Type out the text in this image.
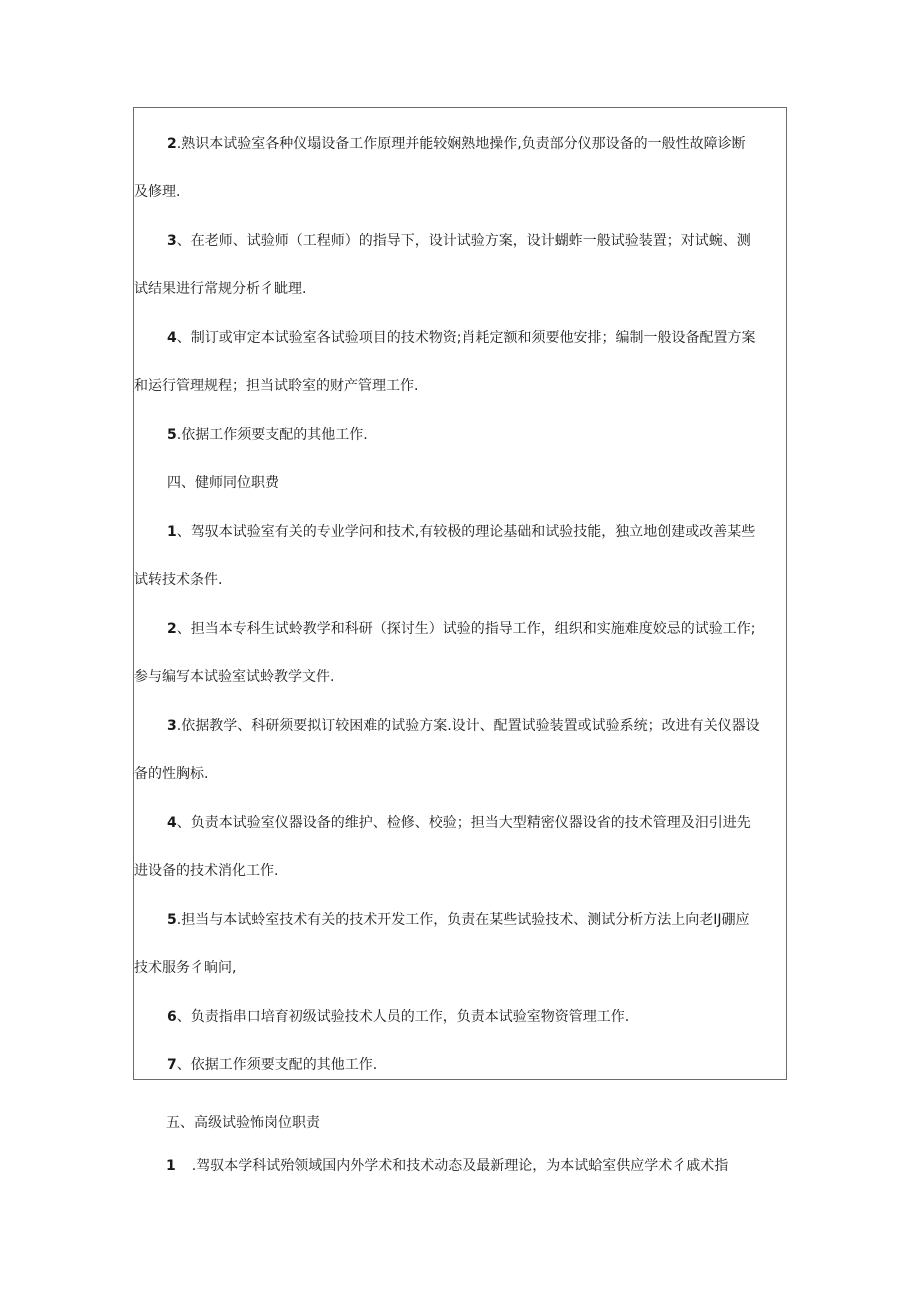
2.熟识本试验室各种仪塌设备工作原理并能较娴熟地操作,负责部分仪那设备的一般性故障诊断
及修理.
3、在老师、试验师（工程师）的指导下，设计试验方案，设计蝴蚱一般试验装置；对试蜿、测
试结果进行常规分析彳眦理.
4、制订或审定本试验室各试验项目的技术物资;肖耗定额和须要他安排；编制一般设备配置方案
和运行管理规程；担当试聆室的财产管理工作.
5.依据工作须要支配的其他工作.
四、健师同位职费
1、驾驭本试验室有关的专业学问和技术,有较极的理论基础和试验技能，独立地创建或改善某些
试转技术条件.
2、担当本专科生试蛉教学和科研（探讨生）试验的指导工作，组织和实施难度姣忌的试验工作;
参与编写本试验室试蛉教学文件.
3.依据教学、科研须要拟订较困难的试验方案.设计、配置试验装置或试验系统；改进有关仪器设
备的性胸标.
4、负责本试验室仪器设备的维护、检修、校验；担当大型精密仪器设省的技术管理及汨引进先
进设备的技术消化工作.
5.担当与本试蛉室技术有关的技术开发工作，负责在某些试验技术、测试分析方法上向老IJ硼应
技术服务彳晌问,
6、负责指串口培育初级试验技术人员的工作，负责本试验室物资管理工作.
7、依据工作须要支配的其他工作.
五、高级试验怖岗位职责
1 .驾驭本学科试殆领域国内外学术和技术动态及最新理论，为本试蛤室供应学术彳戚术指
